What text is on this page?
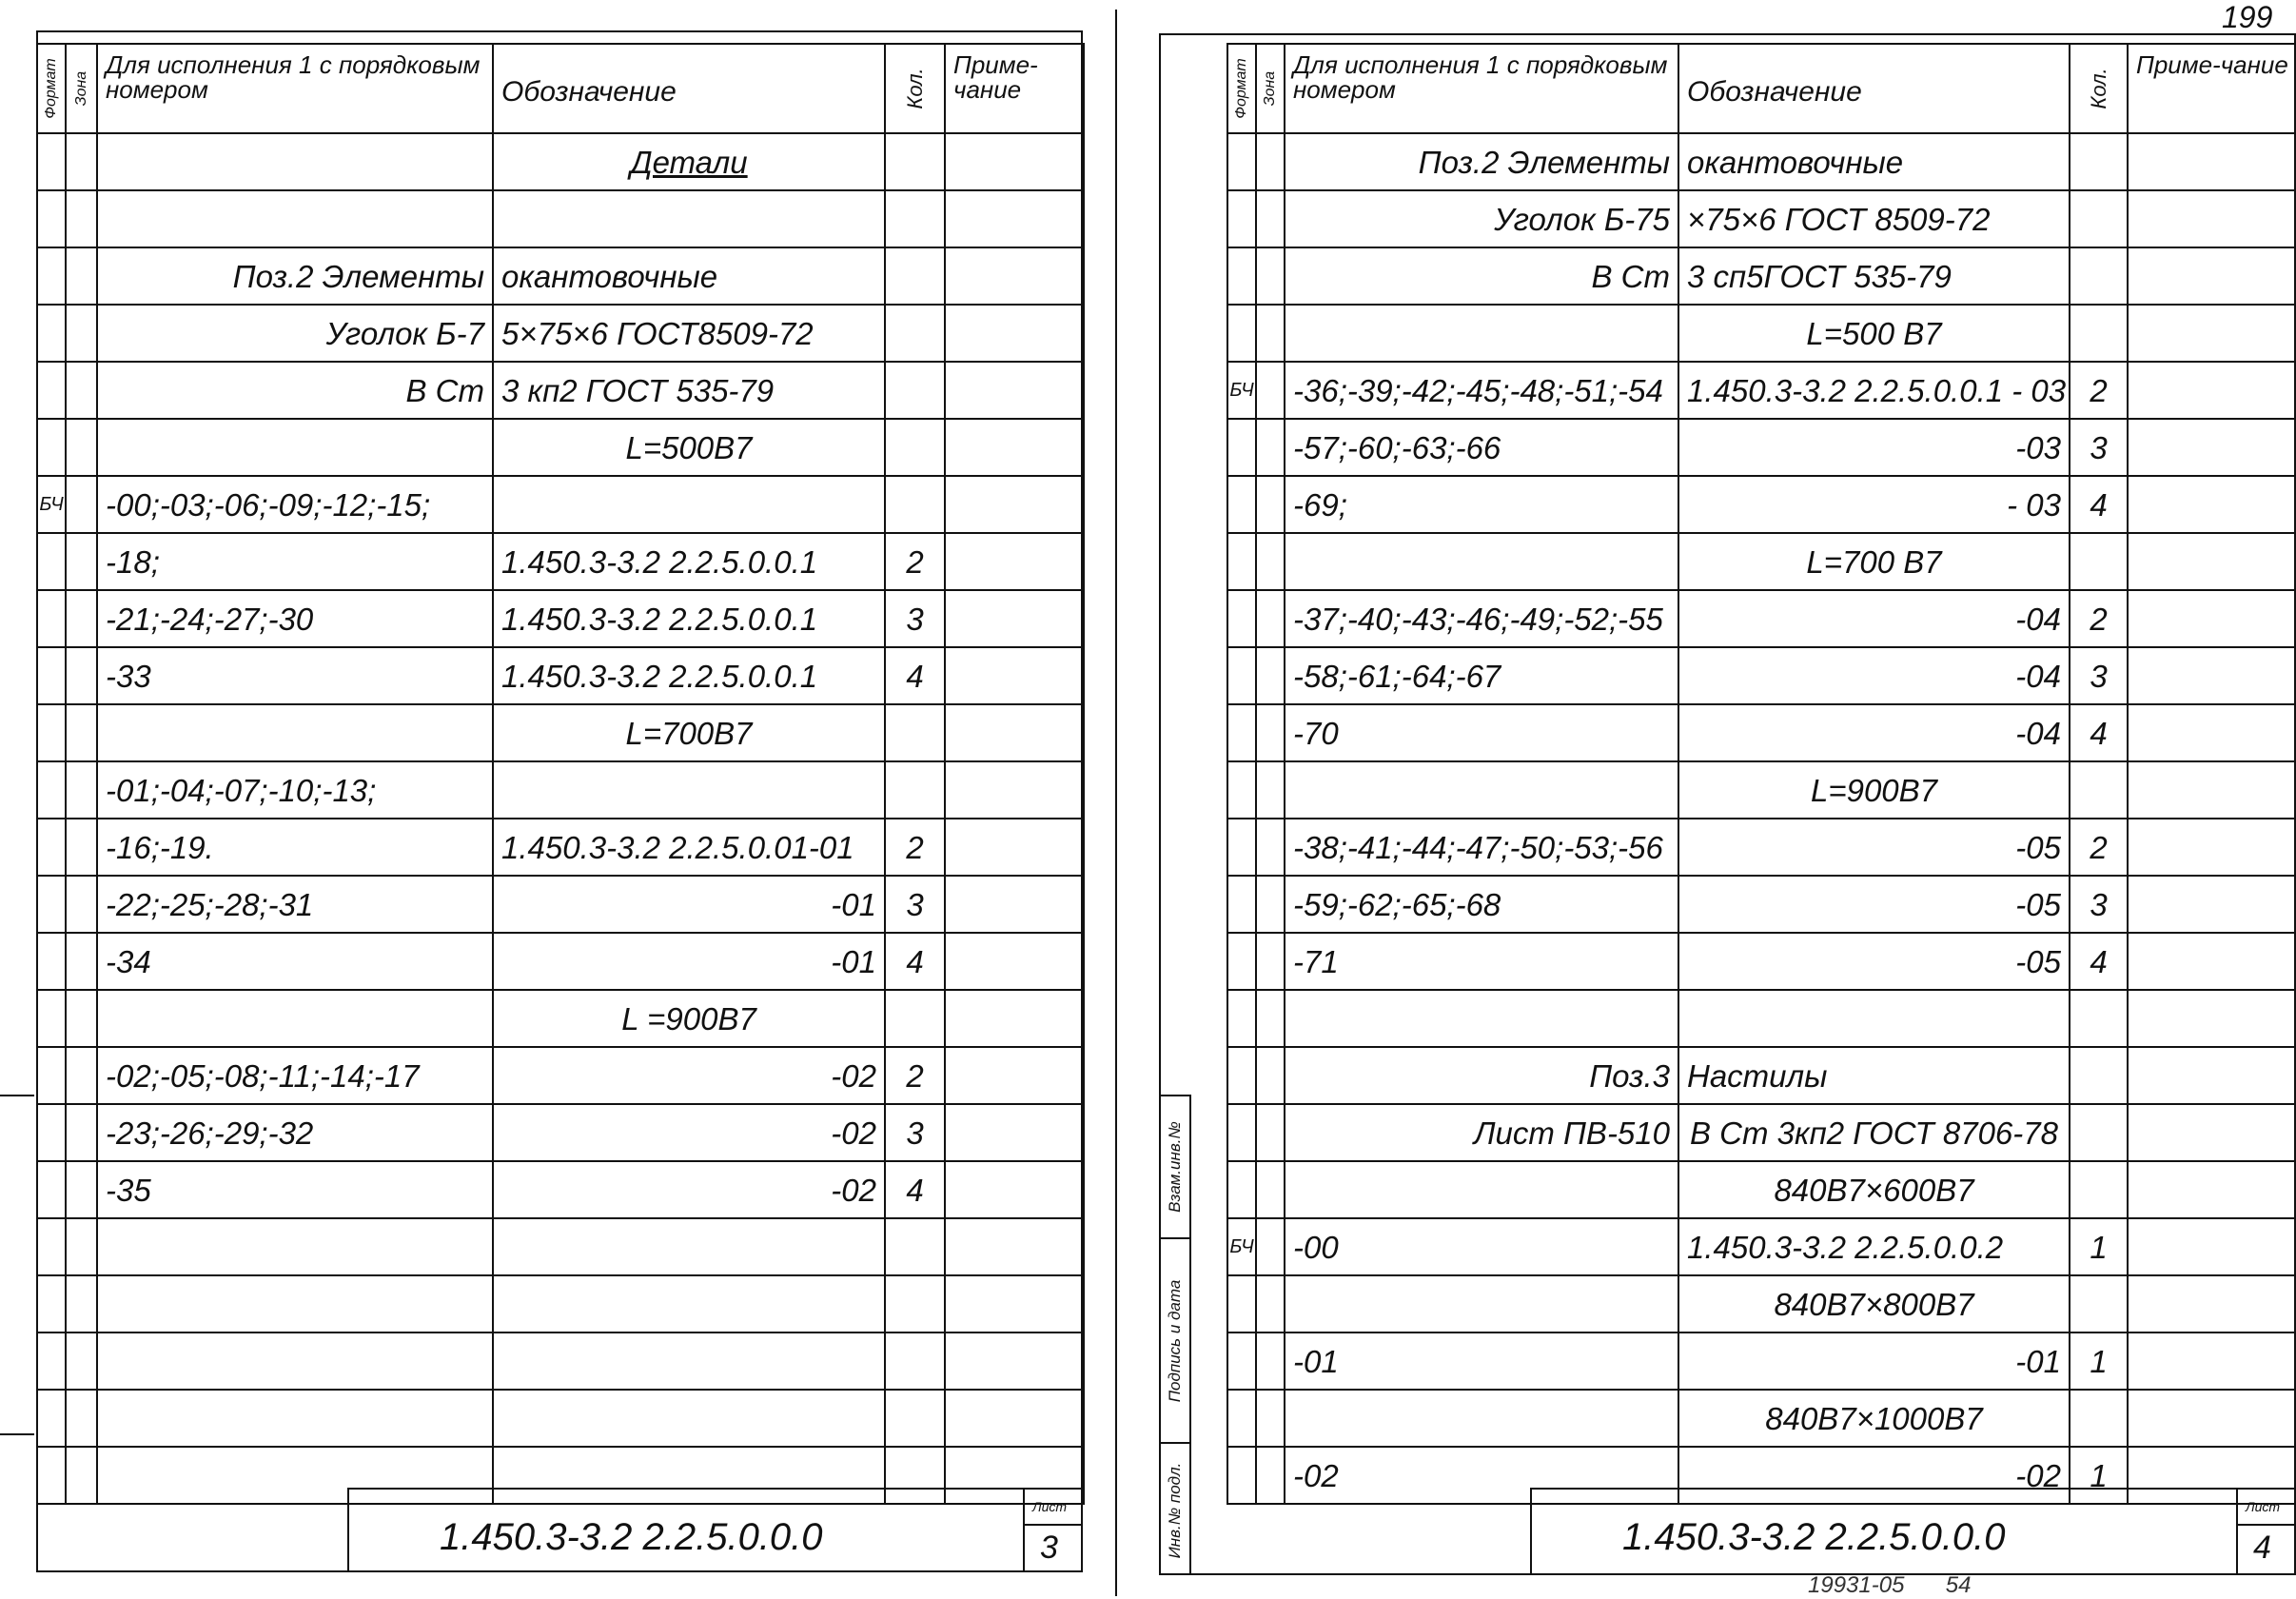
Формат	Зона	Для исполнения 1 с порядковым номером	Обозначение	Кол.	Приме-чание
			Детали		

		Поз.2 Элементы	окантовочные		
		Уголок Б-7	5×75×6 ГОСТ8509-72		
		В Ст	3 кп2 ГОСТ 535-79		
			L=500В7		
БЧ		-00;-03;-06;-09;-12;-15;			
		-18;	1.450.3-3.2 2.2.5.0.0.1	2	
		-21;-24;-27;-30	1.450.3-3.2 2.2.5.0.0.1	3	
		-33	1.450.3-3.2 2.2.5.0.0.1	4	
			L=700В7		
		-01;-04;-07;-10;-13;			
		-16;-19.	1.450.3-3.2 2.2.5.0.01-01	2	
		-22;-25;-28;-31	-01	3	
		-34	-01	4	
			L =900В7		
		-02;-05;-08;-11;-14;-17	-02	2	
		-23;-26;-29;-32	-02	3	
		-35	-02	4	

1.450.3-3.2 2.2.5.0.0.0
Лист
3
199
Формат	Зона	Для исполнения 1 с порядковым номером	Обозначение	Кол.	Приме-чание
		Поз.2 Элементы	окантовочные		
		Уголок Б-75	×75×6 ГОСТ 8509-72		
		В Ст	3 сп5ГОСТ 535-79		
			L=500 В7		
БЧ		-36;-39;-42;-45;-48;-51;-54	1.450.3-3.2 2.2.5.0.0.1 - 03	2	
		-57;-60;-63;-66	-03	3	
		-69;	- 03	4	
			L=700 В7		
		-37;-40;-43;-46;-49;-52;-55	-04	2	
		-58;-61;-64;-67	-04	3	
		-70	-04	4	
			L=900В7		
		-38;-41;-44;-47;-50;-53;-56	-05	2	
		-59;-62;-65;-68	-05	3	
		-71	-05	4	

		Поз.3	Настилы		
		Лист ПВ-510	В Ст 3кп2 ГОСТ 8706-78		
			840В7×600В7		
БЧ		-00	1.450.3-3.2 2.2.5.0.0.2	1	
			840В7×800В7		
		-01	-01	1	
			840В7×1000В7		
		-02	-02	1	
Взам.инв.№
Подпись и дата
Инв.№ подл.	1.450.3-3.2 2.2.5.0.0.0
Лист
4
19931-05 54
